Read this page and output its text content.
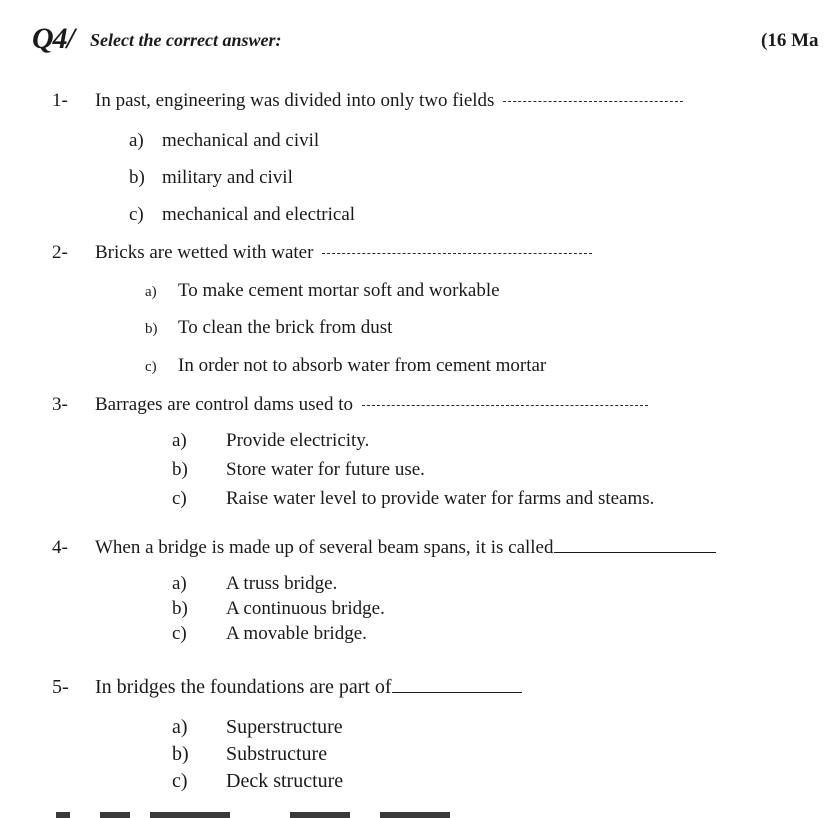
Q4/ Select the correct answer:	(16 Ma
1- In past, engineering was divided into only two fields
a) mechanical and civil
b) military and civil
c) mechanical and electrical
2- Bricks are wetted with water
a) To make cement mortar soft and workable
b) To clean the brick from dust
c) In order not to absorb water from cement mortar
3- Barrages are control dams used to
a) Provide electricity.
b) Store water for future use.
c) Raise water level to provide water for farms and steams.
4- When a bridge is made up of several beam spans, it is called
a) A truss bridge.
b) A continuous bridge.
c) A movable bridge.
5- In bridges the foundations are part of
a) Superstructure
b) Substructure
c) Deck structure
